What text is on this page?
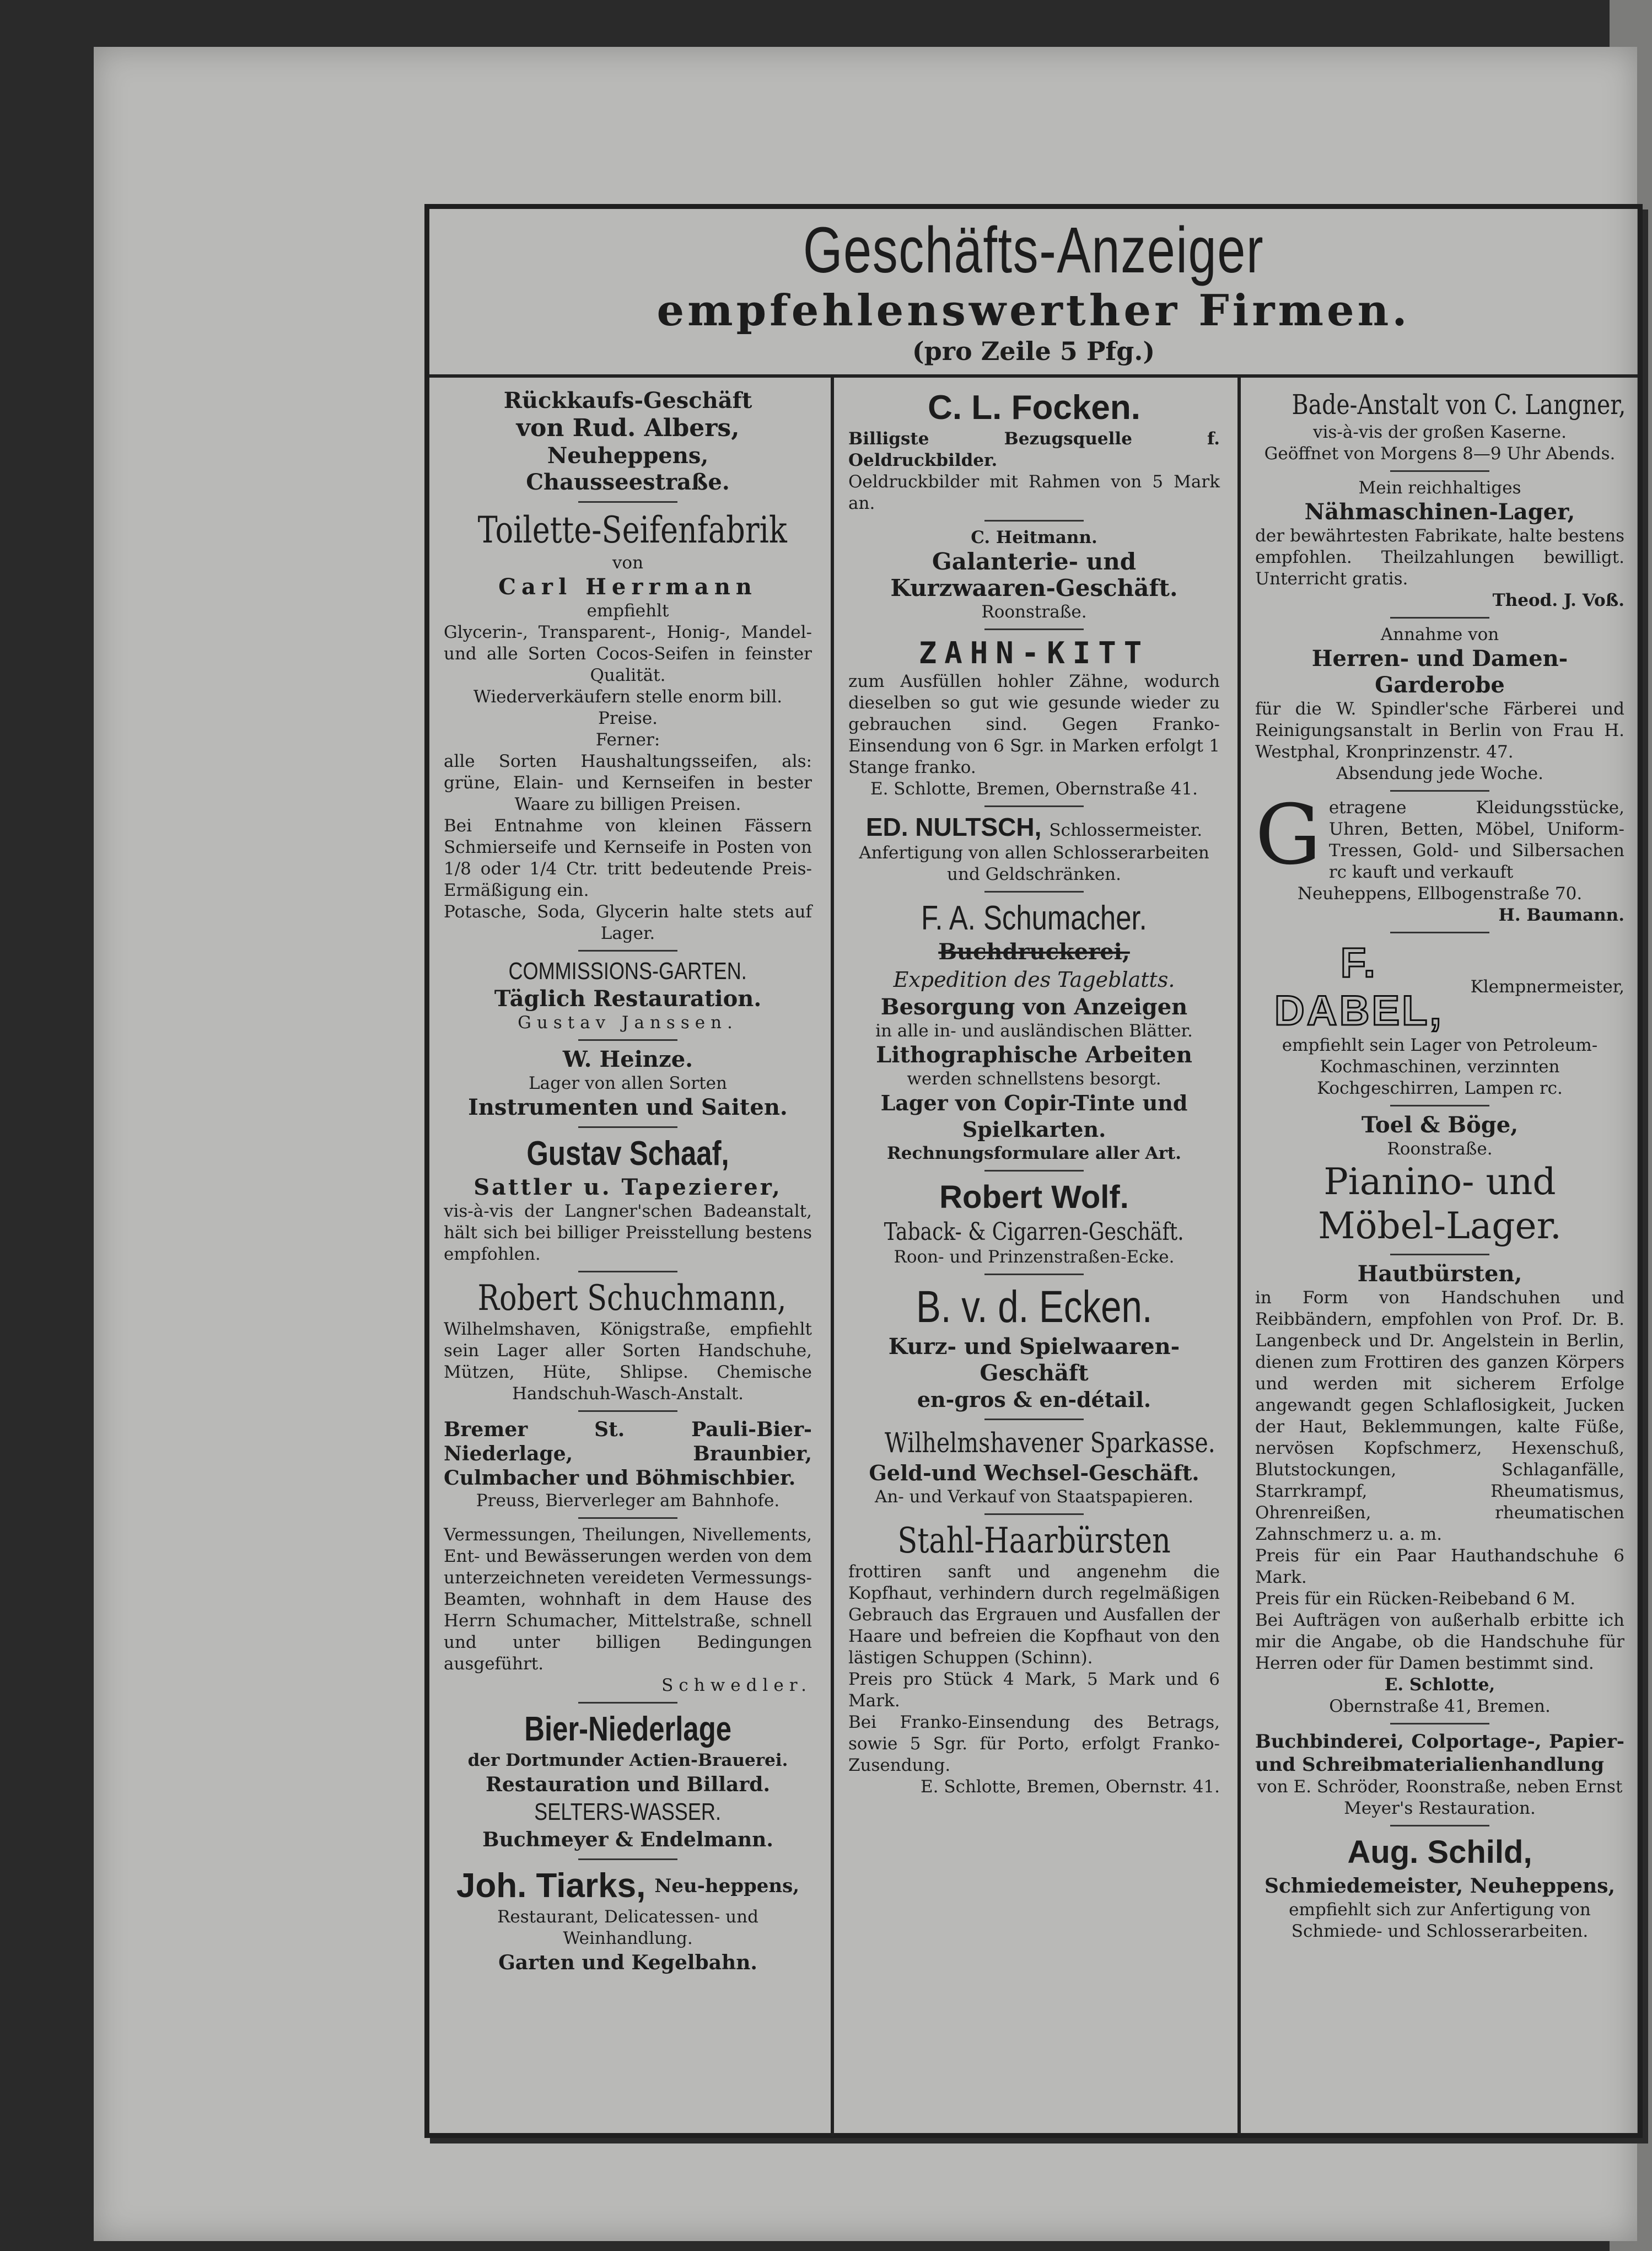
Geschäfts-Anzeiger
empfehlenswerther Firmen.
(pro Zeile 5 Pfg.)

Rückkaufs-Geschäft

von Rud. Albers,

Neuheppens, Chausseestraße.

Toilette-Seifenfabrik

von

Carl Herrmann

empfiehlt

Glycerin-, Transparent-, Honig-, Mandel- und alle Sorten Cocos-Seifen in feinster Qualität.

Wiederverkäufern stelle enorm bill. Preise.

Ferner:

alle Sorten Haushaltungsseifen, als: grüne, Elain- und Kernseifen in bester Waare zu billigen Preisen.

Bei Entnahme von kleinen Fässern Schmierseife und Kernseife in Posten von 1/8 oder 1/4 Ctr. tritt bedeutende Preis-Ermäßigung ein.

Potasche, Soda, Glycerin halte stets auf Lager.

COMMISSIONS-GARTEN.

Täglich Restauration.

Gustav Janssen.

W. Heinze.

Lager von allen Sorten

Instrumenten und Saiten.

Gustav Schaaf,

Sattler u. Tapezierer,

vis-à-vis der Langner'schen Badeanstalt, hält sich bei billiger Preisstellung bestens empfohlen.

Robert Schuchmann,

Wilhelmshaven, Königstraße, empfiehlt sein Lager aller Sorten Handschuhe, Mützen, Hüte, Shlipse. Chemische Handschuh-Wasch-Anstalt.

Bremer St. Pauli-Bier-Niederlage, Braunbier, Culmbacher und Böhmischbier.

Preuss, Bierverleger am Bahnhofe.

Vermessungen, Theilungen, Nivellements, Ent- und Bewässerungen werden von dem unterzeichneten vereideten Vermessungs-Beamten, wohnhaft in dem Hause des Herrn Schumacher, Mittelstraße, schnell und unter billigen Bedingungen ausgeführt.

Schwedler.

Bier-Niederlage

der Dortmunder Actien-Brauerei.

Restauration und Billard.

SELTERS-WASSER.

Buchmeyer & Endelmann.

Joh. Tiarks, Neu-heppens,

Restaurant, Delicatessen- und Weinhandlung.

Garten und Kegelbahn.

C. L. Focken.

Billigste Bezugsquelle f. Oeldruckbilder.

Oeldruckbilder mit Rahmen von 5 Mark an.

C. Heitmann.

Galanterie- und Kurzwaaren-Geschäft.

Roonstraße.

ZAHN-KITT

zum Ausfüllen hohler Zähne, wodurch dieselben so gut wie gesunde wieder zu gebrauchen sind. Gegen Franko-Einsendung von 6 Sgr. in Marken erfolgt 1 Stange franko.

E. Schlotte, Bremen, Obernstraße 41.

ED. NULTSCH, Schlossermeister.

Anfertigung von allen Schlosserarbeiten und Geldschränken.

F. A. Schumacher.

Buchdruckerei,

Expedition des Tageblatts.

Besorgung von Anzeigen

in alle in- und ausländischen Blätter.

Lithographische Arbeiten

werden schnellstens besorgt.

Lager von Copir-Tinte und Spielkarten.

Rechnungsformulare aller Art.

Robert Wolf.

Taback- & Cigarren-Geschäft.

Roon- und Prinzenstraßen-Ecke.

B. v. d. Ecken.

Kurz- und Spielwaaren-Geschäft

en-gros & en-détail.

Wilhelmshavener Sparkasse.

Geld-und Wechsel-Geschäft.

An- und Verkauf von Staatspapieren.

Stahl-Haarbürsten

frottiren sanft und angenehm die Kopfhaut, verhindern durch regelmäßigen Gebrauch das Ergrauen und Ausfallen der Haare und befreien die Kopfhaut von den lästigen Schuppen (Schinn).

Preis pro Stück 4 Mark, 5 Mark und 6 Mark.

Bei Franko-Einsendung des Betrags, sowie 5 Sgr. für Porto, erfolgt Franko-Zusendung.

E. Schlotte, Bremen, Obernstr. 41.

Bade-Anstalt von C. Langner,

vis-à-vis der großen Kaserne.

Geöffnet von Morgens 8—9 Uhr Abends.

Mein reichhaltiges

Nähmaschinen-Lager,

der bewährtesten Fabrikate, halte bestens empfohlen. Theilzahlungen bewilligt. Unterricht gratis.

Theod. J. Voß.

Annahme von

Herren- und Damen-Garderobe

für die W. Spindler'sche Färberei und Reinigungsanstalt in Berlin von Frau H. Westphal, Kronprinzenstr. 47.

Absendung jede Woche.

G etragene Kleidungsstücke, Uhren, Betten, Möbel, Uniform-Tressen, Gold- und Silbersachen rc kauft und verkauft

Neuheppens, Ellbogenstraße 70.

H. Baumann.

F. DABEL,
Klempnermeister,

empfiehlt sein Lager von Petroleum-Kochmaschinen, verzinnten Kochgeschirren, Lampen rc.

Toel & Böge,

Roonstraße.

Pianino- und Möbel-Lager.

Hautbürsten,

in Form von Handschuhen und Reibbändern, empfohlen von Prof. Dr. B. Langenbeck und Dr. Angelstein in Berlin, dienen zum Frottiren des ganzen Körpers und werden mit sicherem Erfolge angewandt gegen Schlaflosigkeit, Jucken der Haut, Beklemmungen, kalte Füße, nervösen Kopfschmerz, Hexenschuß, Blutstockungen, Schlaganfälle, Starrkrampf, Rheumatismus, Ohrenreißen, rheumatischen Zahnschmerz u. a. m.

Preis für ein Paar Hauthandschuhe 6 Mark.

Preis für ein Rücken-Reibeband 6 M.

Bei Aufträgen von außerhalb erbitte ich mir die Angabe, ob die Handschuhe für Herren oder für Damen bestimmt sind.

E. Schlotte,

Obernstraße 41, Bremen.

Buchbinderei, Colportage-, Papier- und Schreibmaterialienhandlung

von E. Schröder, Roonstraße, neben Ernst Meyer's Restauration.

Aug. Schild,

Schmiedemeister, Neuheppens,

empfiehlt sich zur Anfertigung von Schmiede- und Schlosserarbeiten.
